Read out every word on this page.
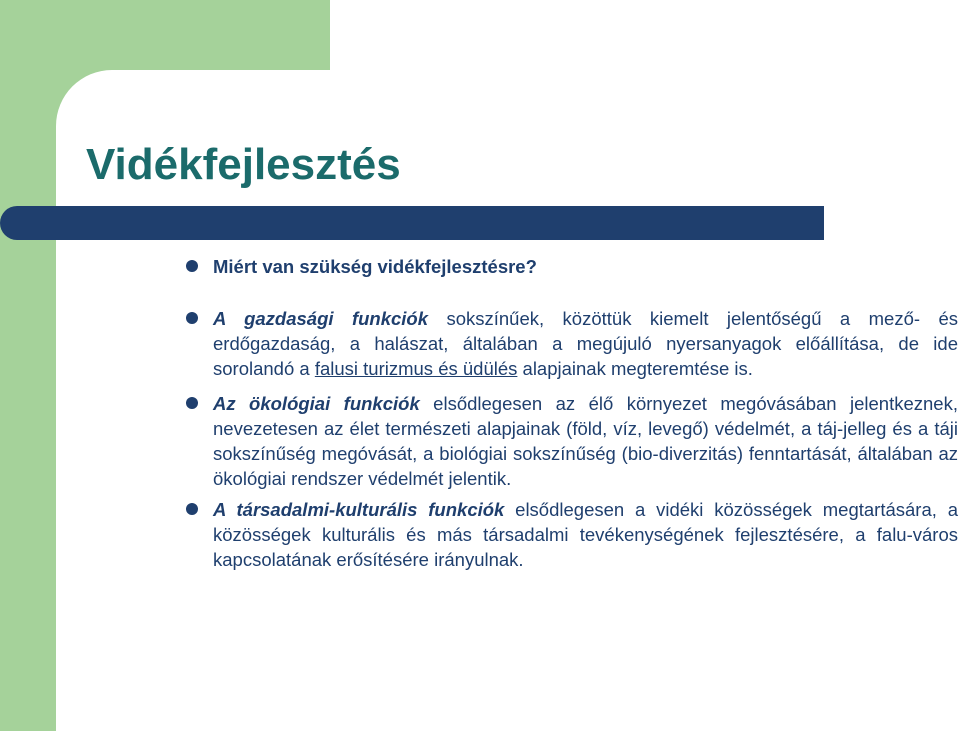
Vidékfejlesztés
Miért van szükség vidékfejlesztésre?
A gazdasági funkciók sokszínűek, közöttük kiemelt jelentőségű a mező- és erdőgazdaság, a halászat, általában a megújuló nyersanyagok előállítása, de ide sorolandó a falusi turizmus és üdülés alapjainak megteremtése is.
Az ökológiai funkciók elsődlegesen az élő környezet megóvásában jelentkeznek, nevezetesen az élet természeti alapjainak (föld, víz, levegő) védelmét, a táj-jelleg és a táji sokszínűség megóvását, a biológiai sokszínűség (bio-diverzitás) fenntartását, általában az ökológiai rendszer védelmét jelentik.
A társadalmi-kulturális funkciók elsődlegesen a vidéki közösségek megtartására, a közösségek kulturális és más társadalmi tevékenységének fejlesztésére, a falu-város kapcsolatának erősítésére irányulnak.
